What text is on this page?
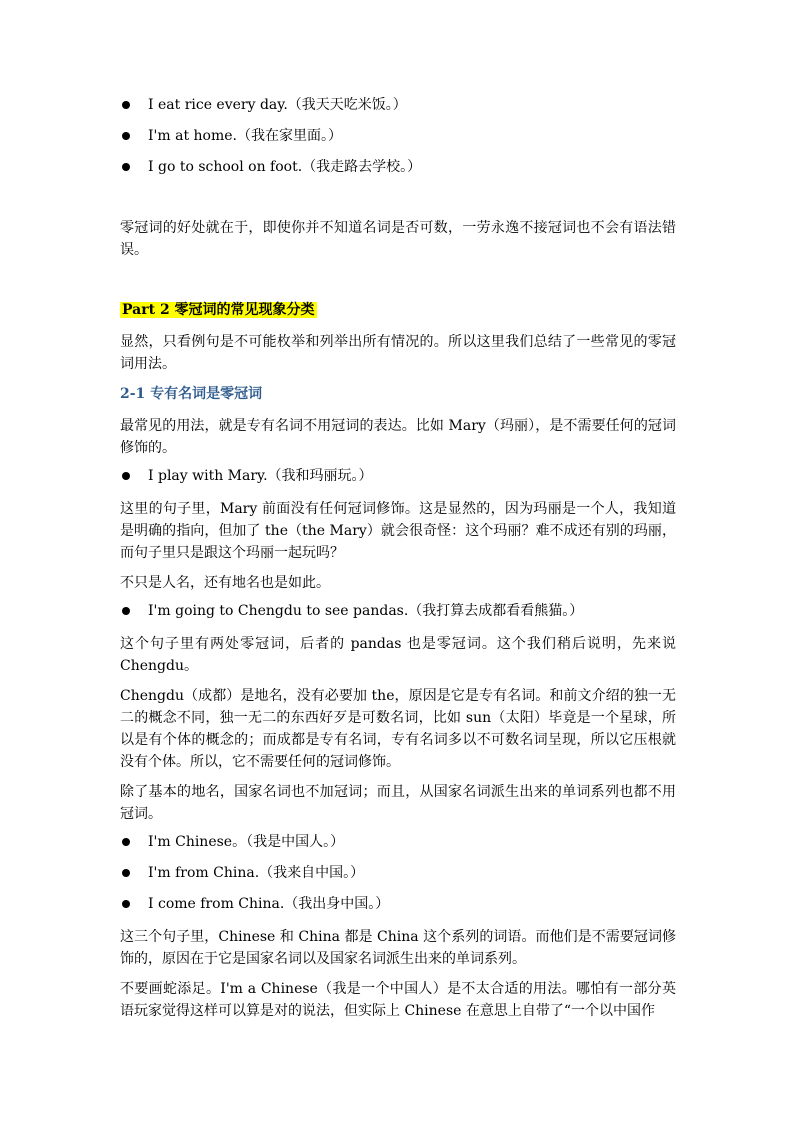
I eat rice every day.（我天天吃米饭。）
I'm at home.（我在家里面。）
I go to school on foot.（我走路去学校。）

零冠词的好处就在于，即使你并不知道名词是否可数，一劳永逸不接冠词也不会有语法错误。

Part 2 零冠词的常见现象分类

显然，只看例句是不可能枚举和列举出所有情况的。所以这里我们总结了一些常见的零冠词用法。

2-1 专有名词是零冠词

最常见的用法，就是专有名词不用冠词的表达。比如 Mary（玛丽），是不需要任何的冠词修饰的。

I play with Mary.（我和玛丽玩。）

这里的句子里，Mary 前面没有任何冠词修饰。这是显然的，因为玛丽是一个人，我知道是明确的指向，但加了 the（the Mary）就会很奇怪：这个玛丽？难不成还有别的玛丽，而句子里只是跟这个玛丽一起玩吗？

不只是人名，还有地名也是如此。

I'm going to Chengdu to see pandas.（我打算去成都看看熊猫。）

这个句子里有两处零冠词，后者的 pandas 也是零冠词。这个我们稍后说明，先来说 Chengdu。

Chengdu（成都）是地名，没有必要加 the，原因是它是专有名词。和前文介绍的独一无二的概念不同，独一无二的东西好歹是可数名词，比如 sun（太阳）毕竟是一个星球，所以是有个体的概念的；而成都是专有名词，专有名词多以不可数名词呈现，所以它压根就没有个体。所以，它不需要任何的冠词修饰。

除了基本的地名，国家名词也不加冠词；而且，从国家名词派生出来的单词系列也都不用冠词。

I'm Chinese。（我是中国人。）
I'm from China.（我来自中国。）
I come from China.（我出身中国。）

这三个句子里，Chinese 和 China 都是 China 这个系列的词语。而他们是不需要冠词修饰的，原因在于它是国家名词以及国家名词派生出来的单词系列。

不要画蛇添足。I'm a Chinese（我是一个中国人）是不太合适的用法。哪怕有一部分英语玩家觉得这样可以算是对的说法，但实际上 Chinese 在意思上自带了“一个以中国作
